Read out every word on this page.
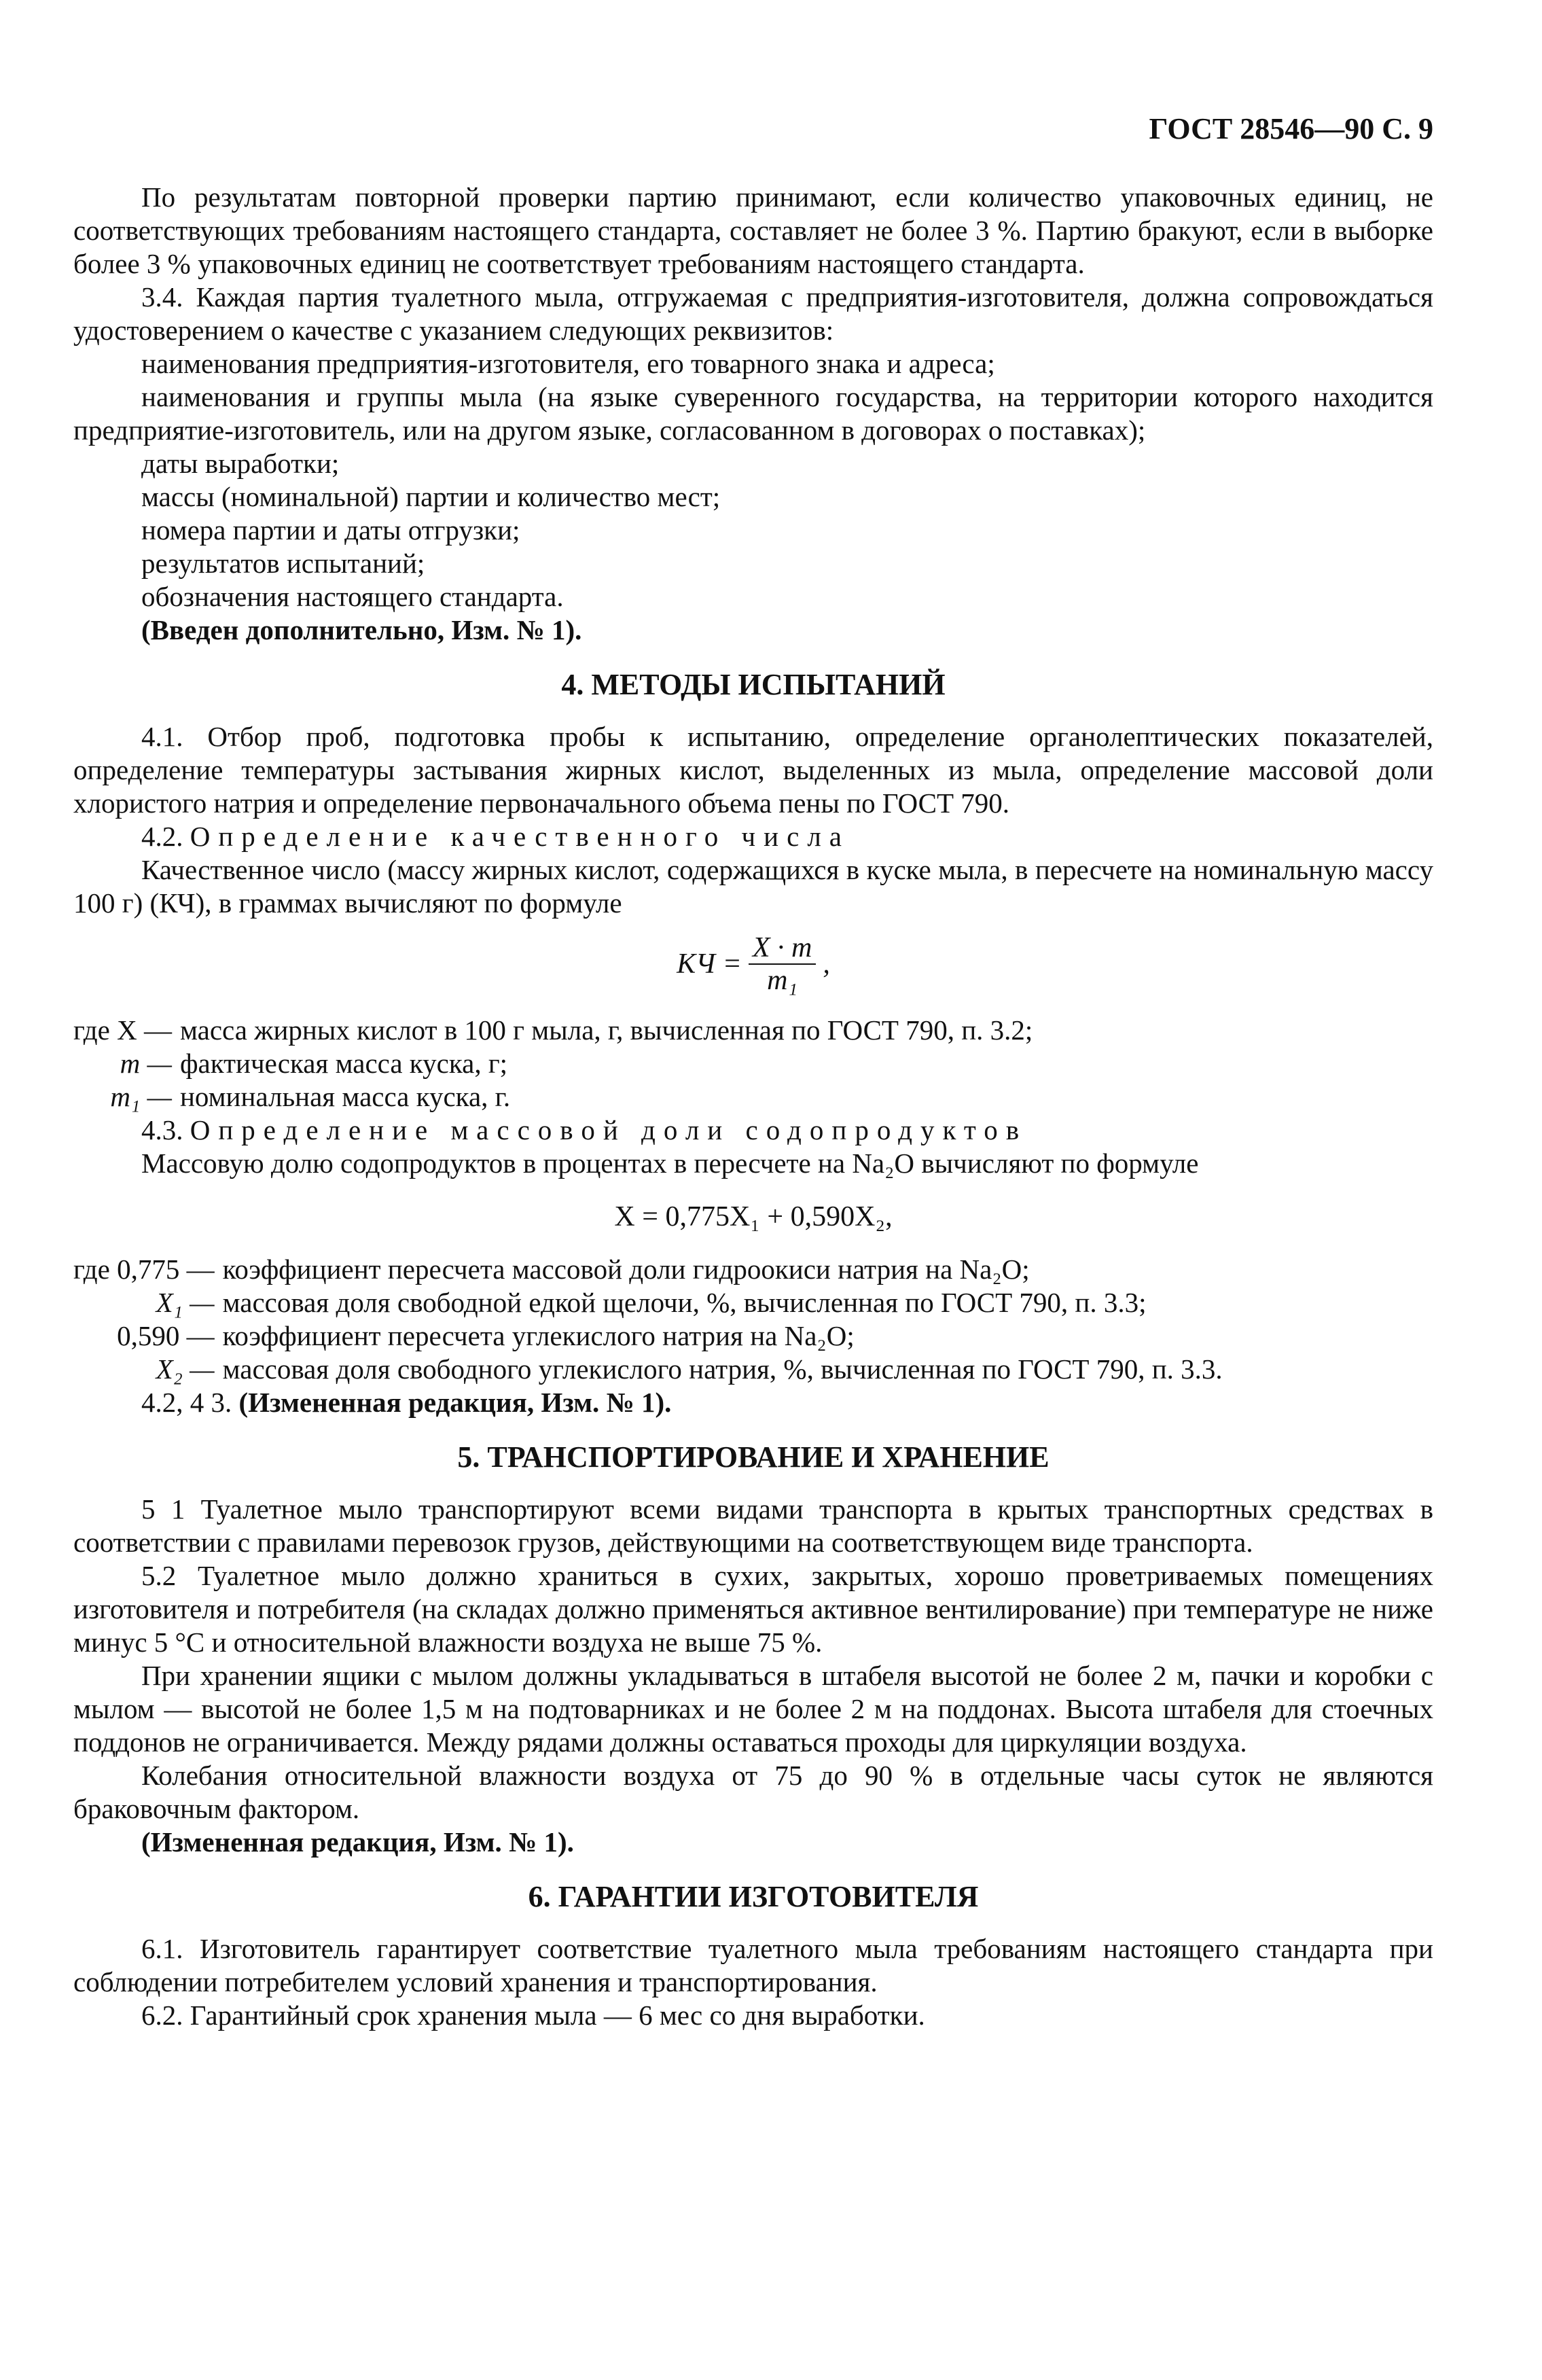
ГОСТ 28546—90 С. 9

По результатам повторной проверки партию принимают, если количество упаковочных единиц, не соответствующих требованиям настоящего стандарта, составляет не более 3 %. Партию бракуют, если в выборке более 3 % упаковочных единиц не соответствует требованиям настоящего стандарта.

3.4. Каждая партия туалетного мыла, отгружаемая с предприятия-изготовителя, должна сопровождаться удостоверением о качестве с указанием следующих реквизитов:

наименования предприятия-изготовителя, его товарного знака и адреса;

наименования и группы мыла (на языке суверенного государства, на территории которого находится предприятие-изготовитель, или на другом языке, согласованном в договорах о поставках);

даты выработки;

массы (номинальной) партии и количество мест;

номера партии и даты отгрузки;

результатов испытаний;

обозначения настоящего стандарта.

(Введен дополнительно, Изм. № 1).

4. МЕТОДЫ ИСПЫТАНИЙ

4.1. Отбор проб, подготовка пробы к испытанию, определение органолептических показателей, определение температуры застывания жирных кислот, выделенных из мыла, определение массовой доли хлористого натрия и определение первоначального объема пены по ГОСТ 790.

4.2. Определение качественного числа

Качественное число (массу жирных кислот, содержащихся в куске мыла, в пересчете на номинальную массу 100 г) (КЧ), в граммах вычисляют по формуле

КЧ = $\frac{X \cdot m}{\text{m₁}}$ ,
где X — масса жирных кислот в 100 г мыла, г, вычисленная по ГОСТ 790, п. 3.2;
m — фактическая масса куска, г;
m₁ — номинальная масса куска, г.

4.3. Определение массовой доли содопродуктов

Массовую долю содопродуктов в процентах в пересчете на Na₂O вычисляют по формуле

X = 0,775X₁ + 0,590X₂,
где 0,775 — коэффициент пересчета массовой доли гидроокиси натрия на Na₂O;
X₁ — массовая доля свободной едкой щелочи, %, вычисленная по ГОСТ 790, п. 3.3;
0,590 — коэффициент пересчета углекислого натрия на Na₂O;
X₂ — массовая доля свободного углекислого натрия, %, вычисленная по ГОСТ 790, п. 3.3.

4.2, 4 3. (Измененная редакция, Изм. № 1).

5. ТРАНСПОРТИРОВАНИЕ И ХРАНЕНИЕ

5 1 Туалетное мыло транспортируют всеми видами транспорта в крытых транспортных средствах в соответствии с правилами перевозок грузов, действующими на соответствующем виде транспорта.

5.2 Туалетное мыло должно храниться в сухих, закрытых, хорошо проветриваемых помещениях изготовителя и потребителя (на складах должно применяться активное вентилирование) при температуре не ниже минус 5 °С и относительной влажности воздуха не выше 75 %.

При хранении ящики с мылом должны укладываться в штабеля высотой не более 2 м, пачки и коробки с мылом — высотой не более 1,5 м на подтоварниках и не более 2 м на поддонах. Высота штабеля для стоечных поддонов не ограничивается. Между рядами должны оставаться проходы для циркуляции воздуха.

Колебания относительной влажности воздуха от 75 до 90 % в отдельные часы суток не являются браковочным фактором.

(Измененная редакция, Изм. № 1).

6. ГАРАНТИИ ИЗГОТОВИТЕЛЯ

6.1. Изготовитель гарантирует соответствие туалетного мыла требованиям настоящего стандарта при соблюдении потребителем условий хранения и транспортирования.

6.2. Гарантийный срок хранения мыла — 6 мес со дня выработки.
